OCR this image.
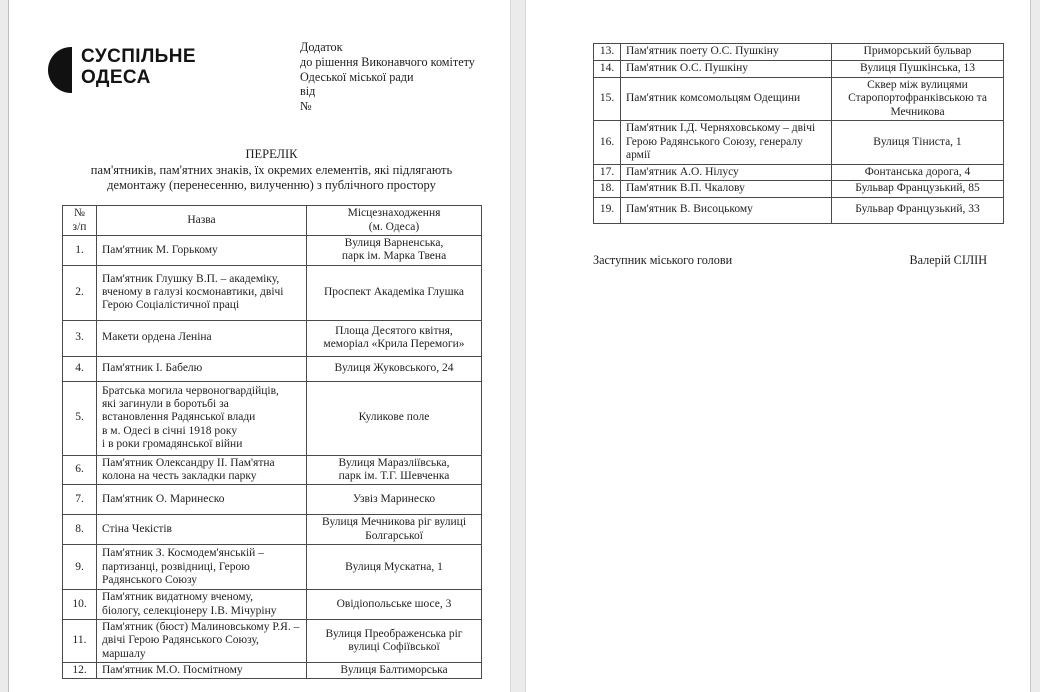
СУСПІЛЬНЕ
ОДЕСА
Додаток
до рішення Виконавчого комітету
Одеської міської ради
від
№
ПЕРЕЛІК
пам'ятників, пам'ятних знаків, їх окремих елементів, які підлягають демонтажу (перенесенню, вилученню) з публічного простору
№
з/п	Назва	Місцезнаходження
(м. Одеса)
1.	Пам'ятник М. Горькому	Вулиця Варненська,
парк ім. Марка Твена
2.	Пам'ятник Глушку В.П. – академіку,
вченому в галузі космонавтики, двічі
Герою Соціалістичної праці	Проспект Академіка Глушка
3.	Макети ордена Леніна	Площа Десятого квітня,
меморіал «Крила Перемоги»
4.	Пам'ятник І. Бабелю	Вулиця Жуковського, 24
5.	Братська могила червоногвардійців,
які загинули в боротьбі за
встановлення Радянської влади
в м. Одесі в січні 1918 року
і в роки громадянської війни	Куликове поле
6.	Пам'ятник Олександру ІІ. Пам'ятна
колона на честь закладки парку	Вулиця Маразліївська,
парк ім. Т.Г. Шевченка
7.	Пам'ятник О. Маринеско	Узвіз Маринеско
8.	Стіна Чекістів	Вулиця Мечникова ріг вулиці
Болгарської
9.	Пам'ятник З. Космодем'янській –
партизанці, розвідниці, Герою
Радянського Союзу	Вулиця Мускатна, 1
10.	Пам'ятник видатному вченому,
біологу, селекціонеру І.В. Мічуріну	Овідіопольське шосе, 3
11.	Пам'ятник (бюст) Малиновському Р.Я. –
двічі Герою Радянського Союзу,
маршалу	Вулиця Преображенська ріг
вулиці Софіївської
12.	Пам'ятник М.О. Посмітному	Вулиця Балтиморська
13.	Пам'ятник поету О.С. Пушкіну	Приморський бульвар
14.	Пам'ятник О.С. Пушкіну	Вулиця Пушкінська, 13
15.	Пам'ятник комсомольцям Одещини	Сквер між вулицями
Старопортофранківською та
Мечникова
16.	Пам'ятник І.Д. Черняховському – двічі
Герою Радянського Союзу, генералу
армії	Вулиця Тіниста, 1
17.	Пам'ятник А.О. Нілусу	Фонтанська дорога, 4
18.	Пам'ятник В.П. Чкалову	Бульвар Французький, 85
19.	Пам'ятник В. Висоцькому	Бульвар Французький, 33
Заступник міського голови	Валерій СІЛІН
